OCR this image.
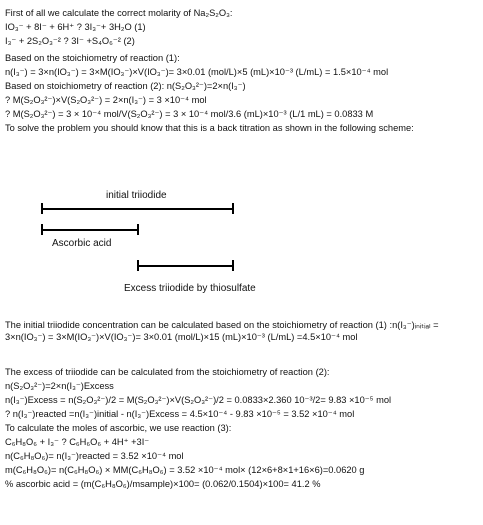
First of all we calculate the correct molarity of Na₂S₂O₃:
IO₃⁻ + 8I⁻ + 6H⁺ ? 3I₃⁻+ 3H₂O (1)
I₃⁻ + 2S₂O₃⁻² ? 3I⁻ +S₄O₆⁻² (2)
Based on the stoichiometry of reaction (1):
n(I₃⁻) = 3×n(IO₃⁻) = 3×M(IO₃⁻)×V(IO₃⁻)= 3×0.01 (mol/L)×5 (mL)×10⁻³ (L/mL) = 1.5×10⁻⁴ mol
Based on stoichiometry of reaction (2): n(S₂O₃²⁻)=2×n(I₃⁻)
? M(S₂O₃²⁻)×V(S₂O₃²⁻) = 2×n(I₃⁻) = 3 ×10⁻⁴ mol
? M(S₂O₃²⁻) = 3 × 10⁻⁴ mol/V(S₂O₃²⁻) = 3 × 10⁻⁴ mol/3.6 (mL)×10⁻³ (L/1 mL) = 0.0833 M
To solve the problem you should know that this is a back titration as shown in the following scheme:
initial triiodide
Ascorbic acid
Excess triiodide by thiosulfate
The initial triiodide concentration can be calculated based on the stoichiometry of reaction (1) :n(I₃⁻)ᵢₙᵢₜᵢₐₗ = 3×n(IO₃⁻) = 3×M(IO₃⁻)×V(IO₃⁻)= 3×0.01 (mol/L)×15 (mL)×10⁻³ (L/mL) =4.5×10⁻⁴ mol
The excess of triiodide can be calculated from the stoichiometry of reaction (2):
n(S₂O₃²⁻)=2×n(I₃⁻)Excess
n(I₃⁻)Excess = n(S₂O₃²⁻)/2 = M(S₂O₃²⁻)×V(S₂O₃²⁻)/2 = 0.0833×2.360 10⁻³/2= 9.83 ×10⁻⁵ mol
? n(I₃⁻)reacted =n(I₃⁻)initial - n(I₃⁻)Excess = 4.5×10⁻⁴ - 9.83 ×10⁻⁵ = 3.52 ×10⁻⁴ mol
To calculate the moles of ascorbic, we use reaction (3):
C₆H₈O₆ + I₃⁻ ? C₆H₆O₆ + 4H⁺ +3I⁻
n(C₆H₈O₆)= n(I₃⁻)reacted = 3.52 ×10⁻⁴ mol
m(C₆H₈O₆)= n(C₆H₈O₆) × MM(C₆H₈O₆) = 3.52 ×10⁻⁴ mol× (12×6+8×1+16×6)=0.0620 g
% ascorbic acid = (m(C₆H₈O₆)/msample)×100= (0.062/0.1504)×100= 41.2 %
